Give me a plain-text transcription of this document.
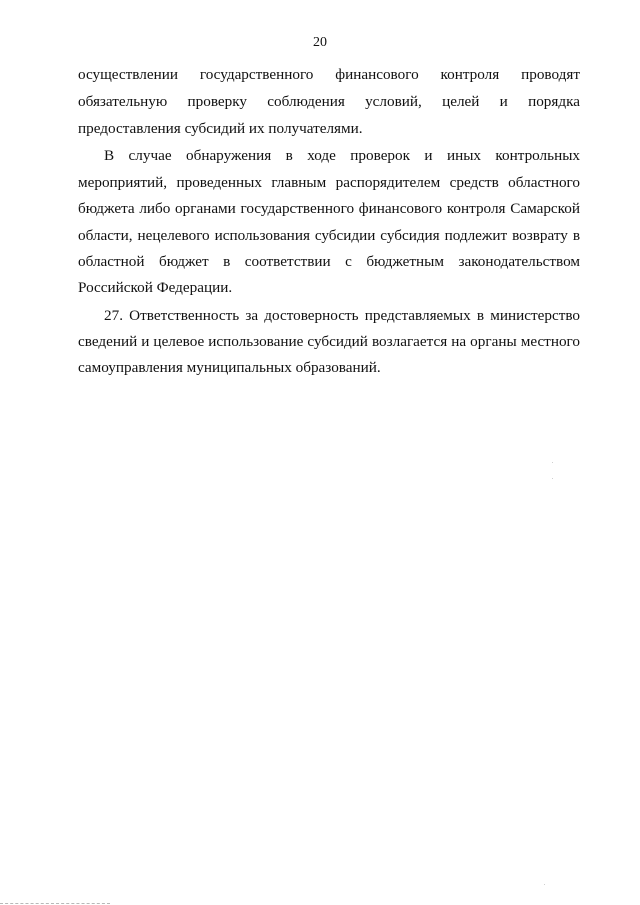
20
осуществлении государственного финансового контроля проводят
обязательную проверку соблюдения условий, целей и порядка
предоставления субсидий их получателями.
В случае обнаружения в ходе проверок и иных контрольных
мероприятий, проведенных главным распорядителем средств областного
бюджета либо органами государственного финансового контроля Самарской
области, нецелевого использования субсидии субсидия подлежит возврату в
областной бюджет в соответствии с бюджетным законодательством
Российской Федерации.
27. Ответственность за достоверность представляемых в министерство
сведений и целевое использование субсидий возлагается на органы местного
самоуправления муниципальных образований.
